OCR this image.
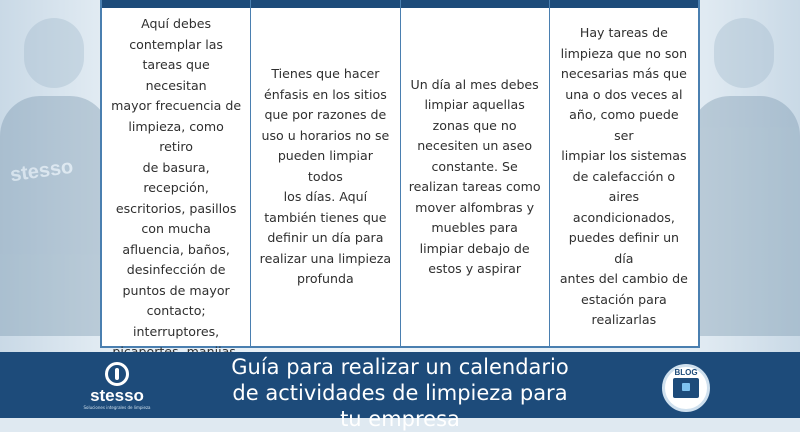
stesso
Aquí debes
contemplar las
tareas que necesitan
mayor frecuencia de
limpieza, como retiro
de basura,
recepción,
escritorios, pasillos
con mucha
afluencia, baños,
desinfección de
puntos de mayor
contacto;
interruptores,

Tienes que hacer
énfasis en los sitios
que por razones de
uso u horarios no se
pueden limpiar todos
los días. Aquí
también tienes que
definir un día para
realizar una limpieza
profunda
Un día al mes debes
limpiar aquellas
zonas que no
necesiten un aseo
constante. Se
realizan tareas como
mover alfombras y
muebles para
limpiar debajo de
estos y aspirar
Hay tareas de
limpieza que no son
necesarias más que
una o dos veces al
año, como puede ser
limpiar los sistemas
de calefacción o
aires
acondicionados,
puedes definir un día
antes del cambio de
estación para
realizarlas
stesso
Soluciones integrales de limpieza
Guía para realizar un calendario
de actividades de limpieza para
tu empresa
BLOG
